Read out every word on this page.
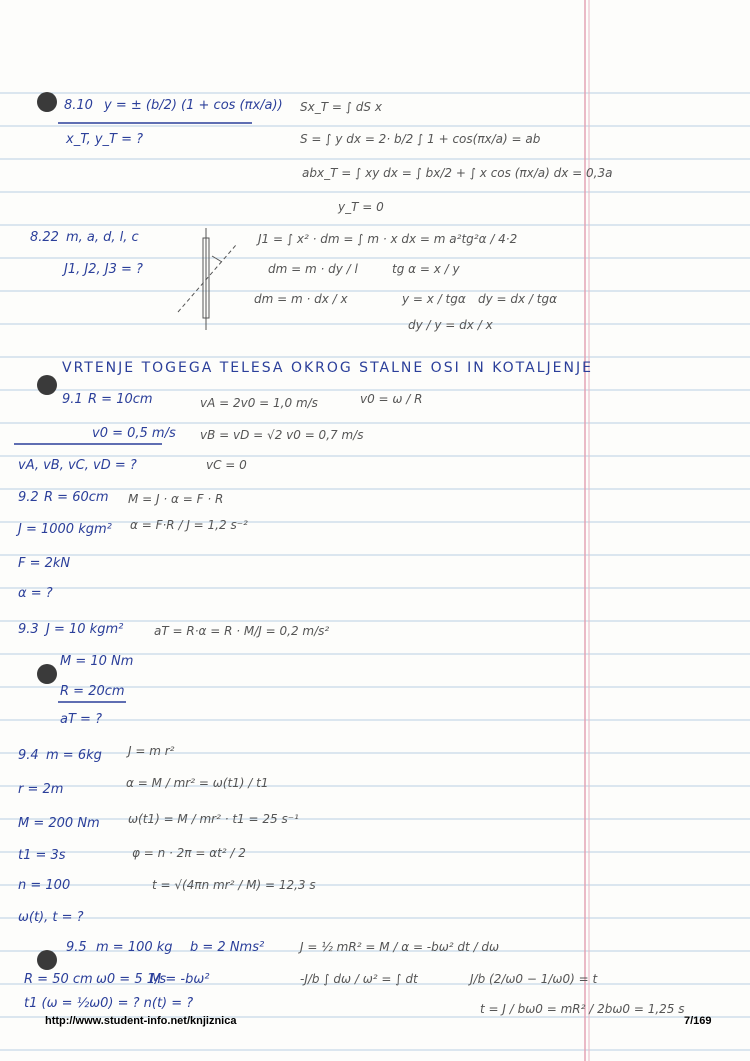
8.10 y = ± (b/2) (1 + cos (πx/a))
x_T, y_T = ?
Sx_T = ∫ dS x
S = ∫ y dx = 2· b/2 ∫ 1 + cos(πx/a) = ab
abx_T = ∫ xy dx = ∫ bx/2 + ∫ x cos (πx/a) dx = 0,3a
y_T = 0
8.22 m, a, d, l, c
J1, J2, J3 = ?
J1 = ∫ x² · dm = ∫ m · x dx = m a²tg²α / 4·2
dm = m · dy / l	tg α = x / y
dm = m · dx / x	y = x / tgα dy = dx / tgα
dy / y = dx / x
VRTENJE TOGEGA TELESA OKROG STALNE OSI IN KOTALJENJE
9.1 R = 10cm
v0 = 0,5 m/s
vA, vB, vC, vD = ?
vA = 2v0 = 1,0 m/s	v0 = ω / R
vB = vD = √2 v0 = 0,7 m/s
vC = 0
9.2 R = 60cm
J = 1000 kgm²
F = 2kN
α = ?
M = J · α = F · R
α = F·R / J = 1,2 s⁻²
9.3 J = 10 kgm²
M = 10 Nm
R = 20cm
aT = ?
aT = R·α = R · M/J = 0,2 m/s²
9.4 m = 6kg
r = 2m
M = 200 Nm
t1 = 3s
n = 100
ω(t), t = ?
J = m r²
α = M / mr² = ω(t1) / t1
ω(t1) = M / mr² · t1 = 25 s⁻¹
φ = n · 2π = αt² / 2
t = √(4πn mr² / M) = 12,3 s
9.5 m = 100 kg b = 2 Nms²
R = 50 cm ω0 = 5 1/s
M = -bω²
t1 (ω = ½ω0) = ? n(t) = ?
J = ½ mR² = M / α = -bω² dt / dω
-J/b ∫ dω / ω² = ∫ dt	J/b (2/ω0 − 1/ω0) = t
t = J / bω0 = mR² / 2bω0 = 1,25 s
http://www.student-info.net/knjiznica	7/169
